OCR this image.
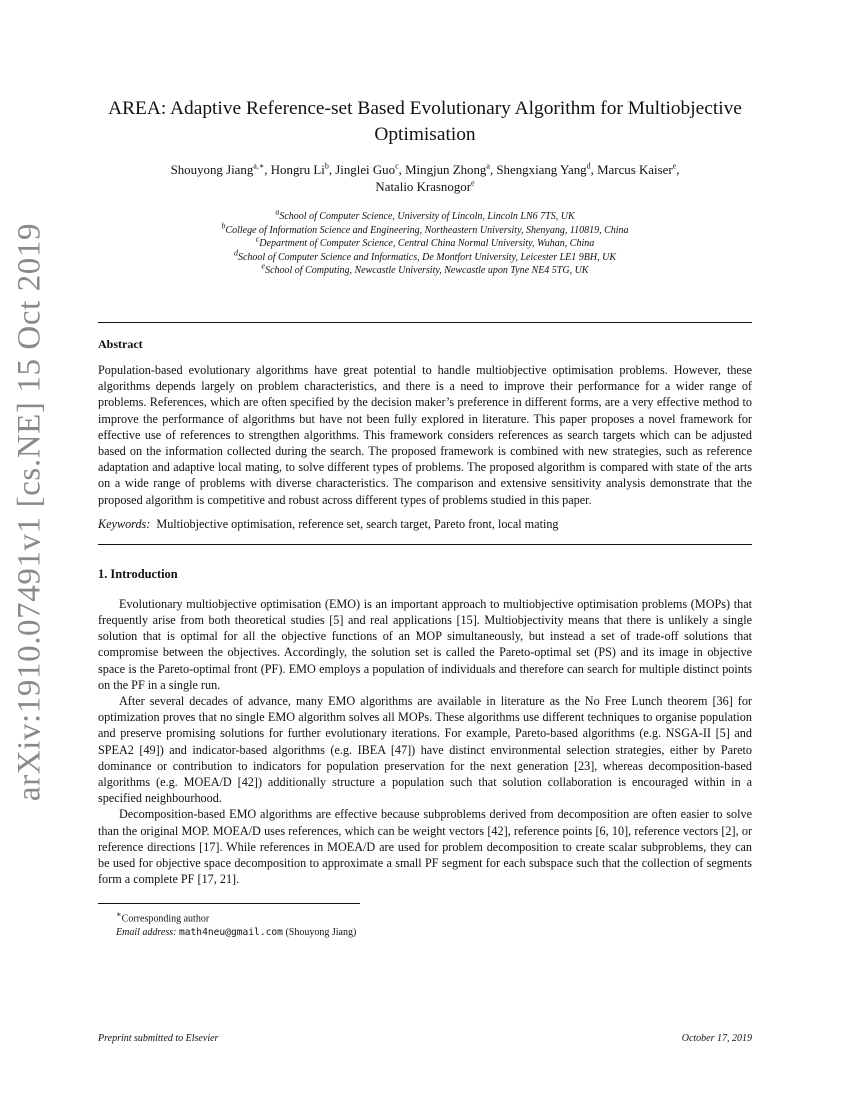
arXiv:1910.07491v1 [cs.NE] 15 Oct 2019
AREA: Adaptive Reference-set Based Evolutionary Algorithm for Multiobjective Optimisation
Shouyong Jiang$^{a,∗}$, Hongru Li$^b$, Jinglei Guo$^c$, Mingjun Zhong$^a$, Shengxiang Yang$^d$, Marcus Kaiser$^e$,
Natalio Krasnogor$^e$
$^a$School of Computer Science, University of Lincoln, Lincoln LN6 7TS, UK
$^b$College of Information Science and Engineering, Northeastern University, Shenyang, 110819, China
$^c$Department of Computer Science, Central China Normal University, Wuhan, China
$^d$School of Computer Science and Informatics, De Montfort University, Leicester LE1 9BH, UK
$^e$School of Computing, Newcastle University, Newcastle upon Tyne NE4 5TG, UK
Abstract

Population-based evolutionary algorithms have great potential to handle multiobjective optimisation problems. However, these algorithms depends largely on problem characteristics, and there is a need to improve their performance for a wider range of problems. References, which are often specified by the decision maker’s preference in different forms, are a very effective method to improve the performance of algorithms but have not been fully explored in literature. This paper proposes a novel framework for effective use of references to strengthen algorithms. This framework considers references as search targets which can be adjusted based on the information collected during the search. The proposed framework is combined with new strategies, such as reference adaptation and adaptive local mating, to solve different types of problems. The proposed algorithm is compared with state of the arts on a wide range of problems with diverse characteristics. The comparison and extensive sensitivity analysis demonstrate that the proposed algorithm is competitive and robust across different types of problems studied in this paper.

Keywords: Multiobjective optimisation, reference set, search target, Pareto front, local mating
1. Introduction

Evolutionary multiobjective optimisation (EMO) is an important approach to multiobjective optimisation problems (MOPs) that frequently arise from both theoretical studies [5] and real applications [15]. Multiobjectivity means that there is unlikely a single solution that is optimal for all the objective functions of an MOP simultaneously, but instead a set of trade-off solutions that compromise between the objectives. Accordingly, the solution set is called the Pareto-optimal set (PS) and its image in objective space is the Pareto-optimal front (PF). EMO employs a population of individuals and therefore can search for multiple distinct points on the PF in a single run.

After several decades of advance, many EMO algorithms are available in literature as the No Free Lunch theorem [36] for optimization proves that no single EMO algorithm solves all MOPs. These algorithms use different techniques to organise population and preserve promising solutions for further evolutionary iterations. For example, Pareto-based algorithms (e.g. NSGA-II [5] and SPEA2 [49]) and indicator-based algorithms (e.g. IBEA [47]) have distinct environmental selection strategies, either by Pareto dominance or contribution to indicators for population preservation for the next generation [23], whereas decomposition-based algorithms (e.g. MOEA/D [42]) additionally structure a population such that solution collaboration is encouraged within in a specified neighbourhood.

Decomposition-based EMO algorithms are effective because subproblems derived from decomposition are often easier to solve than the original MOP. MOEA/D uses references, which can be weight vectors [42], reference points [6, 10], reference vectors [2], or reference directions [17]. While references in MOEA/D are used for problem decomposition to create scalar subproblems, they can be used for objective space decomposition to approximate a small PF segment for each subspace such that the collection of segments form a complete PF [17, 21].

∗Corresponding author
Email address: math4neu@gmail.com (Shouyong Jiang)
Preprint submitted to Elsevier	October 17, 2019
